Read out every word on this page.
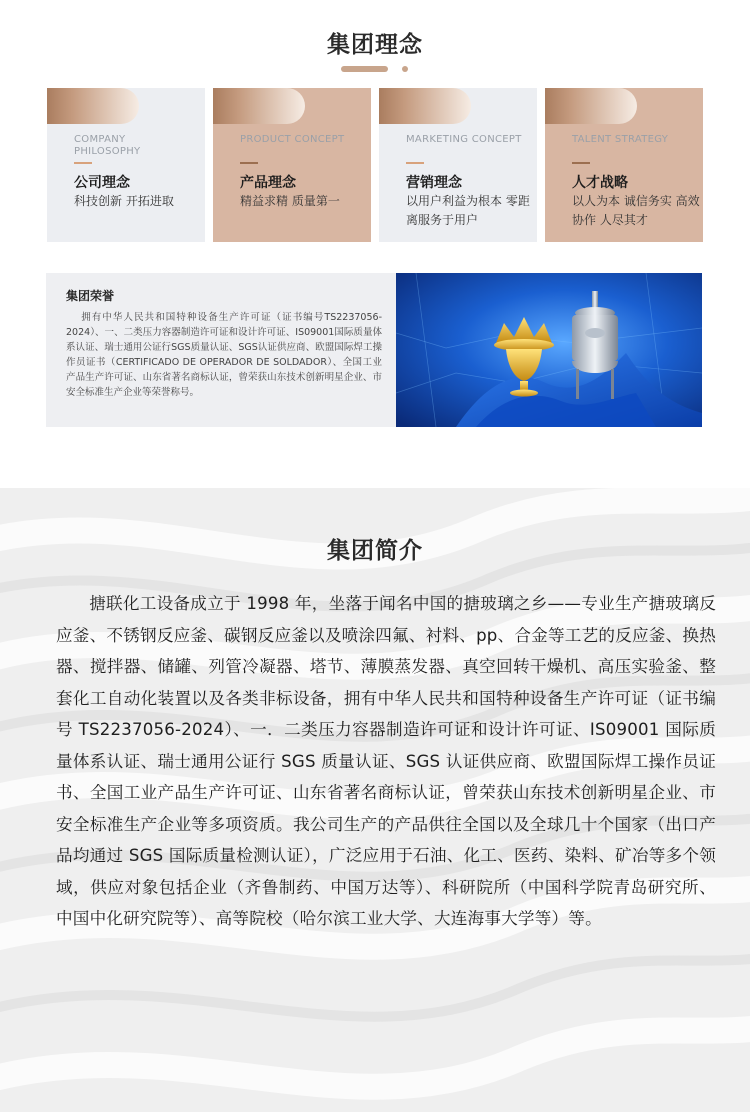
集团理念
COMPANY PHILOSOPHY
公司理念
科技创新 开拓进取
PRODUCT CONCEPT
产品理念
精益求精 质量第一
MARKETING CONCEPT
营销理念
以用户利益为根本 零距离服务于用户
TALENT STRATEGY
人才战略
以人为本 诚信务实 高效协作 人尽其才
集团荣誉
拥有中华人民共和国特种设备生产许可证（证书编号TS2237056-2024）、一、二类压力容器制造许可证和设计许可证、IS09001国际质量体系认证、瑞士通用公证行SGS质量认证、SGS认证供应商、欧盟国际焊工操作员证书（CERTIFICADO DE OPERADOR DE SOLDADOR）、全国工业产品生产许可证、山东省著名商标认证，曾荣获山东技术创新明星企业、市安全标准生产企业等荣誉称号。
集团简介
搪联化工设备成立于 1998 年，坐落于闻名中国的搪玻璃之乡——专业生产搪玻璃反应釜、不锈钢反应釜、碳钢反应釜以及喷涂四氟、衬料、pp、合金等工艺的反应釜、换热器、搅拌器、储罐、列管冷凝器、塔节、薄膜蒸发器、真空回转干燥机、高压实验釜、整套化工自动化装置以及各类非标设备，拥有中华人民共和国特种设备生产许可证（证书编号 TS2237056-2024）、一．二类压力容器制造许可证和设计许可证、IS09001 国际质量体系认证、瑞士通用公证行 SGS 质量认证、SGS 认证供应商、欧盟国际焊工操作员证书、全国工业产品生产许可证、山东省著名商标认证，曾荣获山东技术创新明星企业、市安全标准生产企业等多项资质。我公司生产的产品供往全国以及全球几十个国家（出口产品均通过 SGS 国际质量检测认证），广泛应用于石油、化工、医药、染料、矿冶等多个领域，供应对象包括企业（齐鲁制药、中国万达等）、科研院所（中国科学院青岛研究所、中国中化研究院等）、高等院校（哈尔滨工业大学、大连海事大学等）等。
